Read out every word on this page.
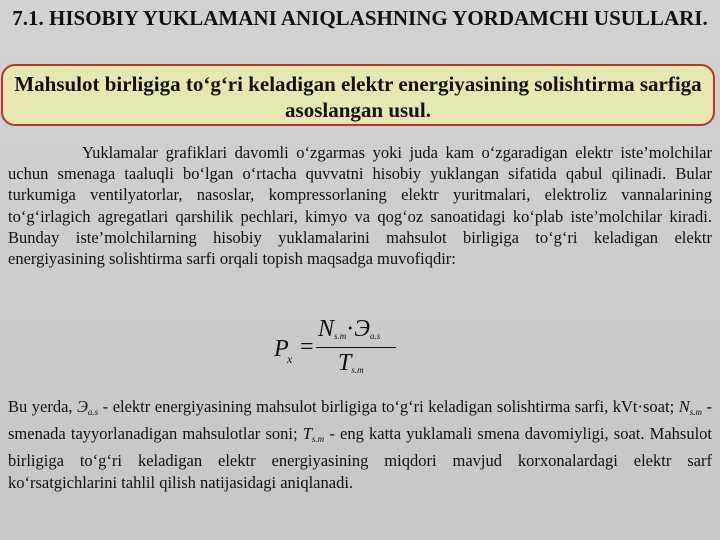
7.1. HISOBIY YUKLAMANI ANIQLASHNING YORDAMCHI USULLARI.
Mahsulot birligiga to‘g‘ri keladigan elektr energiyasining solishtirma sarfiga asoslangan usul.
Yuklamalar grafiklari davomli o‘zgarmas yoki juda kam o‘zgaradigan elektr iste’molchilar uchun smenaga taaluqli bo‘lgan o‘rtacha quvvatni hisobiy yuklangan sifatida qabul qilinadi. Bular turkumiga ventilyatorlar, nasoslar, kompressorlaning elektr yuritmalari, elektroliz vannalarining to‘g‘irlagich agregatlari qarshilik pechlari, kimyo va qog‘oz sanoatidagi ko‘plab iste’molchilar kiradi. Bunday iste’molchilarning hisobiy yuklamalarini mahsulot birligiga to‘g‘ri keladigan elektr energiyasining solishtirma sarfi orqali topish maqsadga muvofiqdir:
P
x =
Ns.m·Эa.s
Ts.m
Bu yerda, Эa.s - elektr energiyasining mahsulot birligiga to‘g‘ri keladigan solishtirma sarfi, kVt·soat; Ns.m - smenada tayyorlanadigan mahsulotlar soni; Ts.m - eng katta yuklamali smena davomiyligi, soat. Mahsulot birligiga to‘g‘ri keladigan elektr energiyasining miqdori mavjud korxonalardagi elektr sarf ko‘rsatgichlarini tahlil qilish natijasidagi aniqlanadi.
